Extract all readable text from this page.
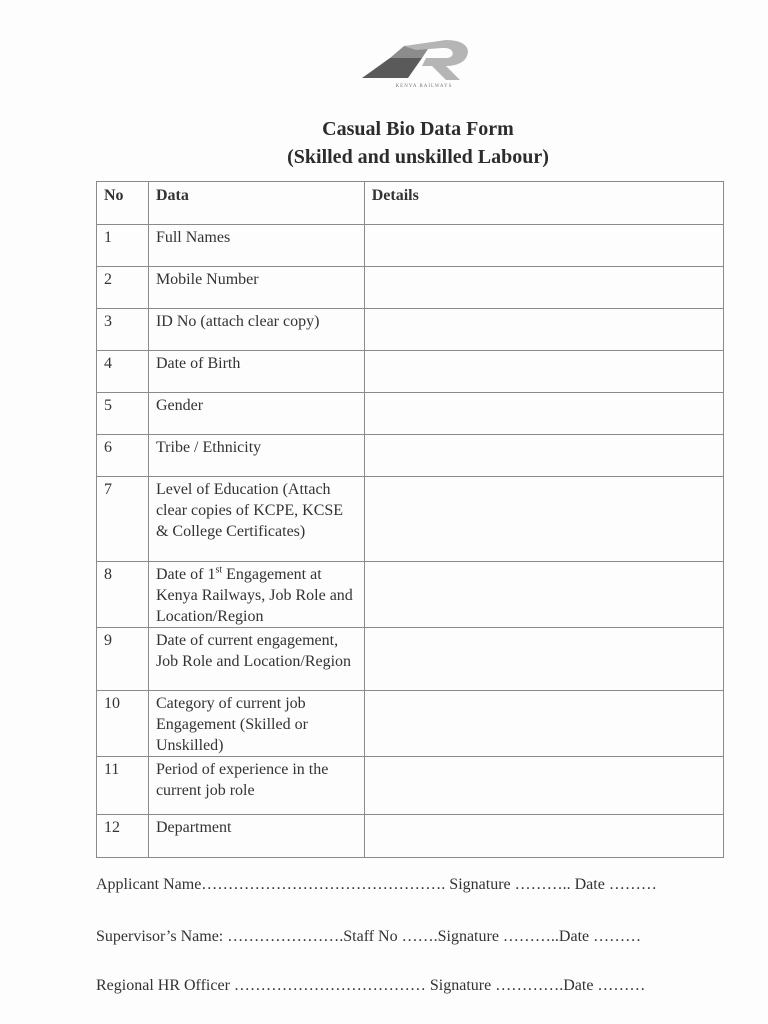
KENYA RAILWAYS
Casual Bio Data Form
(Skilled and unskilled Labour)
No	Data	Details
1	Full Names	
2	Mobile Number	
3	ID No (attach clear copy)	
4	Date of Birth	
5	Gender	
6	Tribe / Ethnicity	
7	Level of Education (Attach clear copies of KCPE, KCSE & College Certificates)	
8	Date of 1st Engagement at Kenya Railways, Job Role and Location/Region	
9	Date of current engagement, Job Role and Location/Region	
10	Category of current job Engagement (Skilled or Unskilled)	
11	Period of experience in the current job role	
12	Department	
Applicant Name………………………………………. Signature ……….. Date ………
Supervisor’s Name: ………………….Staff No …….Signature ………..Date ………
Regional HR Officer ……………………………… Signature ………….Date ………
